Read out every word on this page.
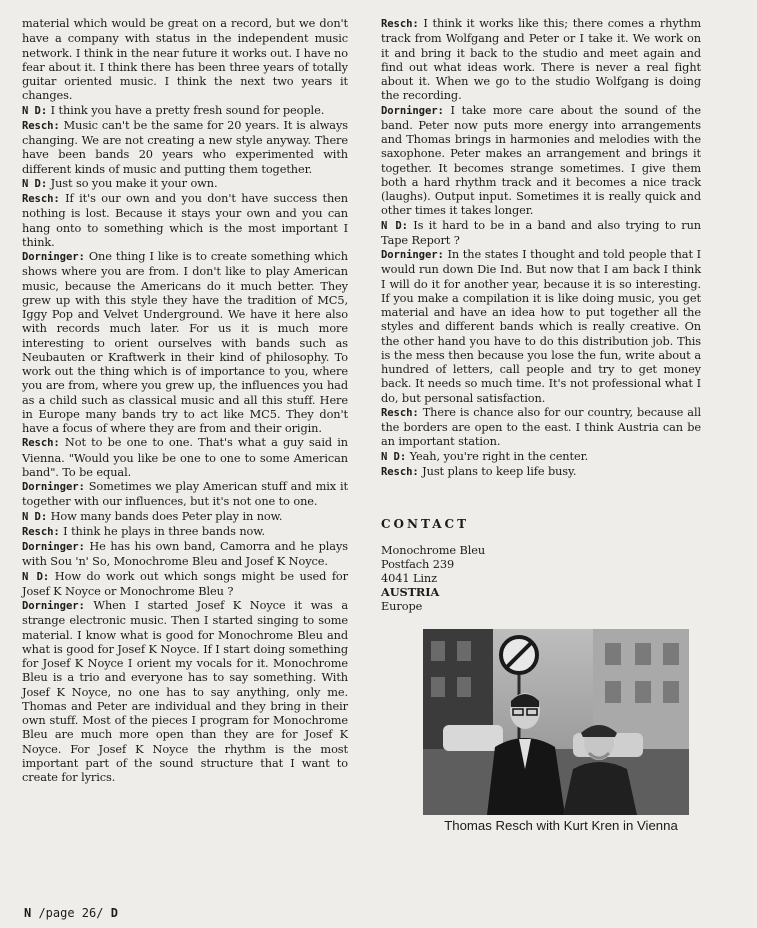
material which would be great on a record, but we don't have a company with status in the independent music network. I think in the near future it works out. I have no fear about it. I think there has been three years of totally guitar oriented music. I think the next two years it changes.

N D: I think you have a pretty fresh sound for people.

Resch: Music can't be the same for 20 years. It is always changing. We are not creating a new style anyway. There have been bands 20 years who experimented with different kinds of music and putting them together.

N D: Just so you make it your own.

Resch: If it's our own and you don't have success then nothing is lost. Because it stays your own and you can hang onto to something which is the most important I think.

Dorninger: One thing I like is to create something which shows where you are from. I don't like to play American music, because the Americans do it much better. They grew up with this style they have the tradition of MC5, Iggy Pop and Velvet Underground. We have it here also with records much later. For us it is much more interesting to orient ourselves with bands such as Neubauten or Kraftwerk in their kind of philosophy. To work out the thing which is of importance to you, where you are from, where you grew up, the influences you had as a child such as classical music and all this stuff. Here in Europe many bands try to act like MC5. They don't have a focus of where they are from and their origin.

Resch: Not to be one to one. That's what a guy said in Vienna. "Would you like be one to one to some American band". To be equal.

Dorninger: Sometimes we play American stuff and mix it together with our influences, but it's not one to one.

N D: How many bands does Peter play in now.

Resch: I think he plays in three bands now.

Dorninger: He has his own band, Camorra and he plays with Sou 'n' So, Monochrome Bleu and Josef K Noyce.

N D: How do work out which songs might be used for Josef K Noyce or Monochrome Bleu ?

Dorninger: When I started Josef K Noyce it was a strange electronic music. Then I started singing to some material. I know what is good for Monochrome Bleu and what is good for Josef K Noyce. If I start doing something for Josef K Noyce I orient my vocals for it. Monochrome Bleu is a trio and everyone has to say something. With Josef K Noyce, no one has to say anything, only me. Thomas and Peter are individual and they bring in their own stuff. Most of the pieces I program for Monochrome Bleu are much more open than they are for Josef K Noyce. For Josef K Noyce the rhythm is the most important part of the sound structure that I want to create for lyrics.

Resch: I think it works like this; there comes a rhythm track from Wolfgang and Peter or I take it. We work on it and bring it back to the studio and meet again and find out what ideas work. There is never a real fight about it. When we go to the studio Wolfgang is doing the recording.

Dorninger: I take more care about the sound of the band. Peter now puts more energy into arrangements and Thomas brings in harmonies and melodies with the saxophone. Peter makes an arrangement and brings it together. It becomes strange sometimes. I give them both a hard rhythm track and it becomes a nice track (laughs). Output input. Sometimes it is really quick and other times it takes longer.

N D: Is it hard to be in a band and also trying to run Tape Report ?

Dorninger: In the states I thought and told people that I would run down Die Ind. But now that I am back I think I will do it for another year, because it is so interesting. If you make a compilation it is like doing music, you get material and have an idea how to put together all the styles and different bands which is really creative. On the other hand you have to do this distribution job. This is the mess then because you lose the fun, write about a hundred of letters, call people and try to get money back. It needs so much time. It's not professional what I do, but personal satisfaction.

Resch: There is chance also for our country, because all the borders are open to the east. I think Austria can be an important station.

N D: Yeah, you're right in the center.

Resch: Just plans to keep life busy.

CONTACT
Monochrome Bleu
Postfach 239
4041 Linz
AUSTRIA
Europe
Thomas Resch with Kurt Kren in Vienna
N /page 26/ D
